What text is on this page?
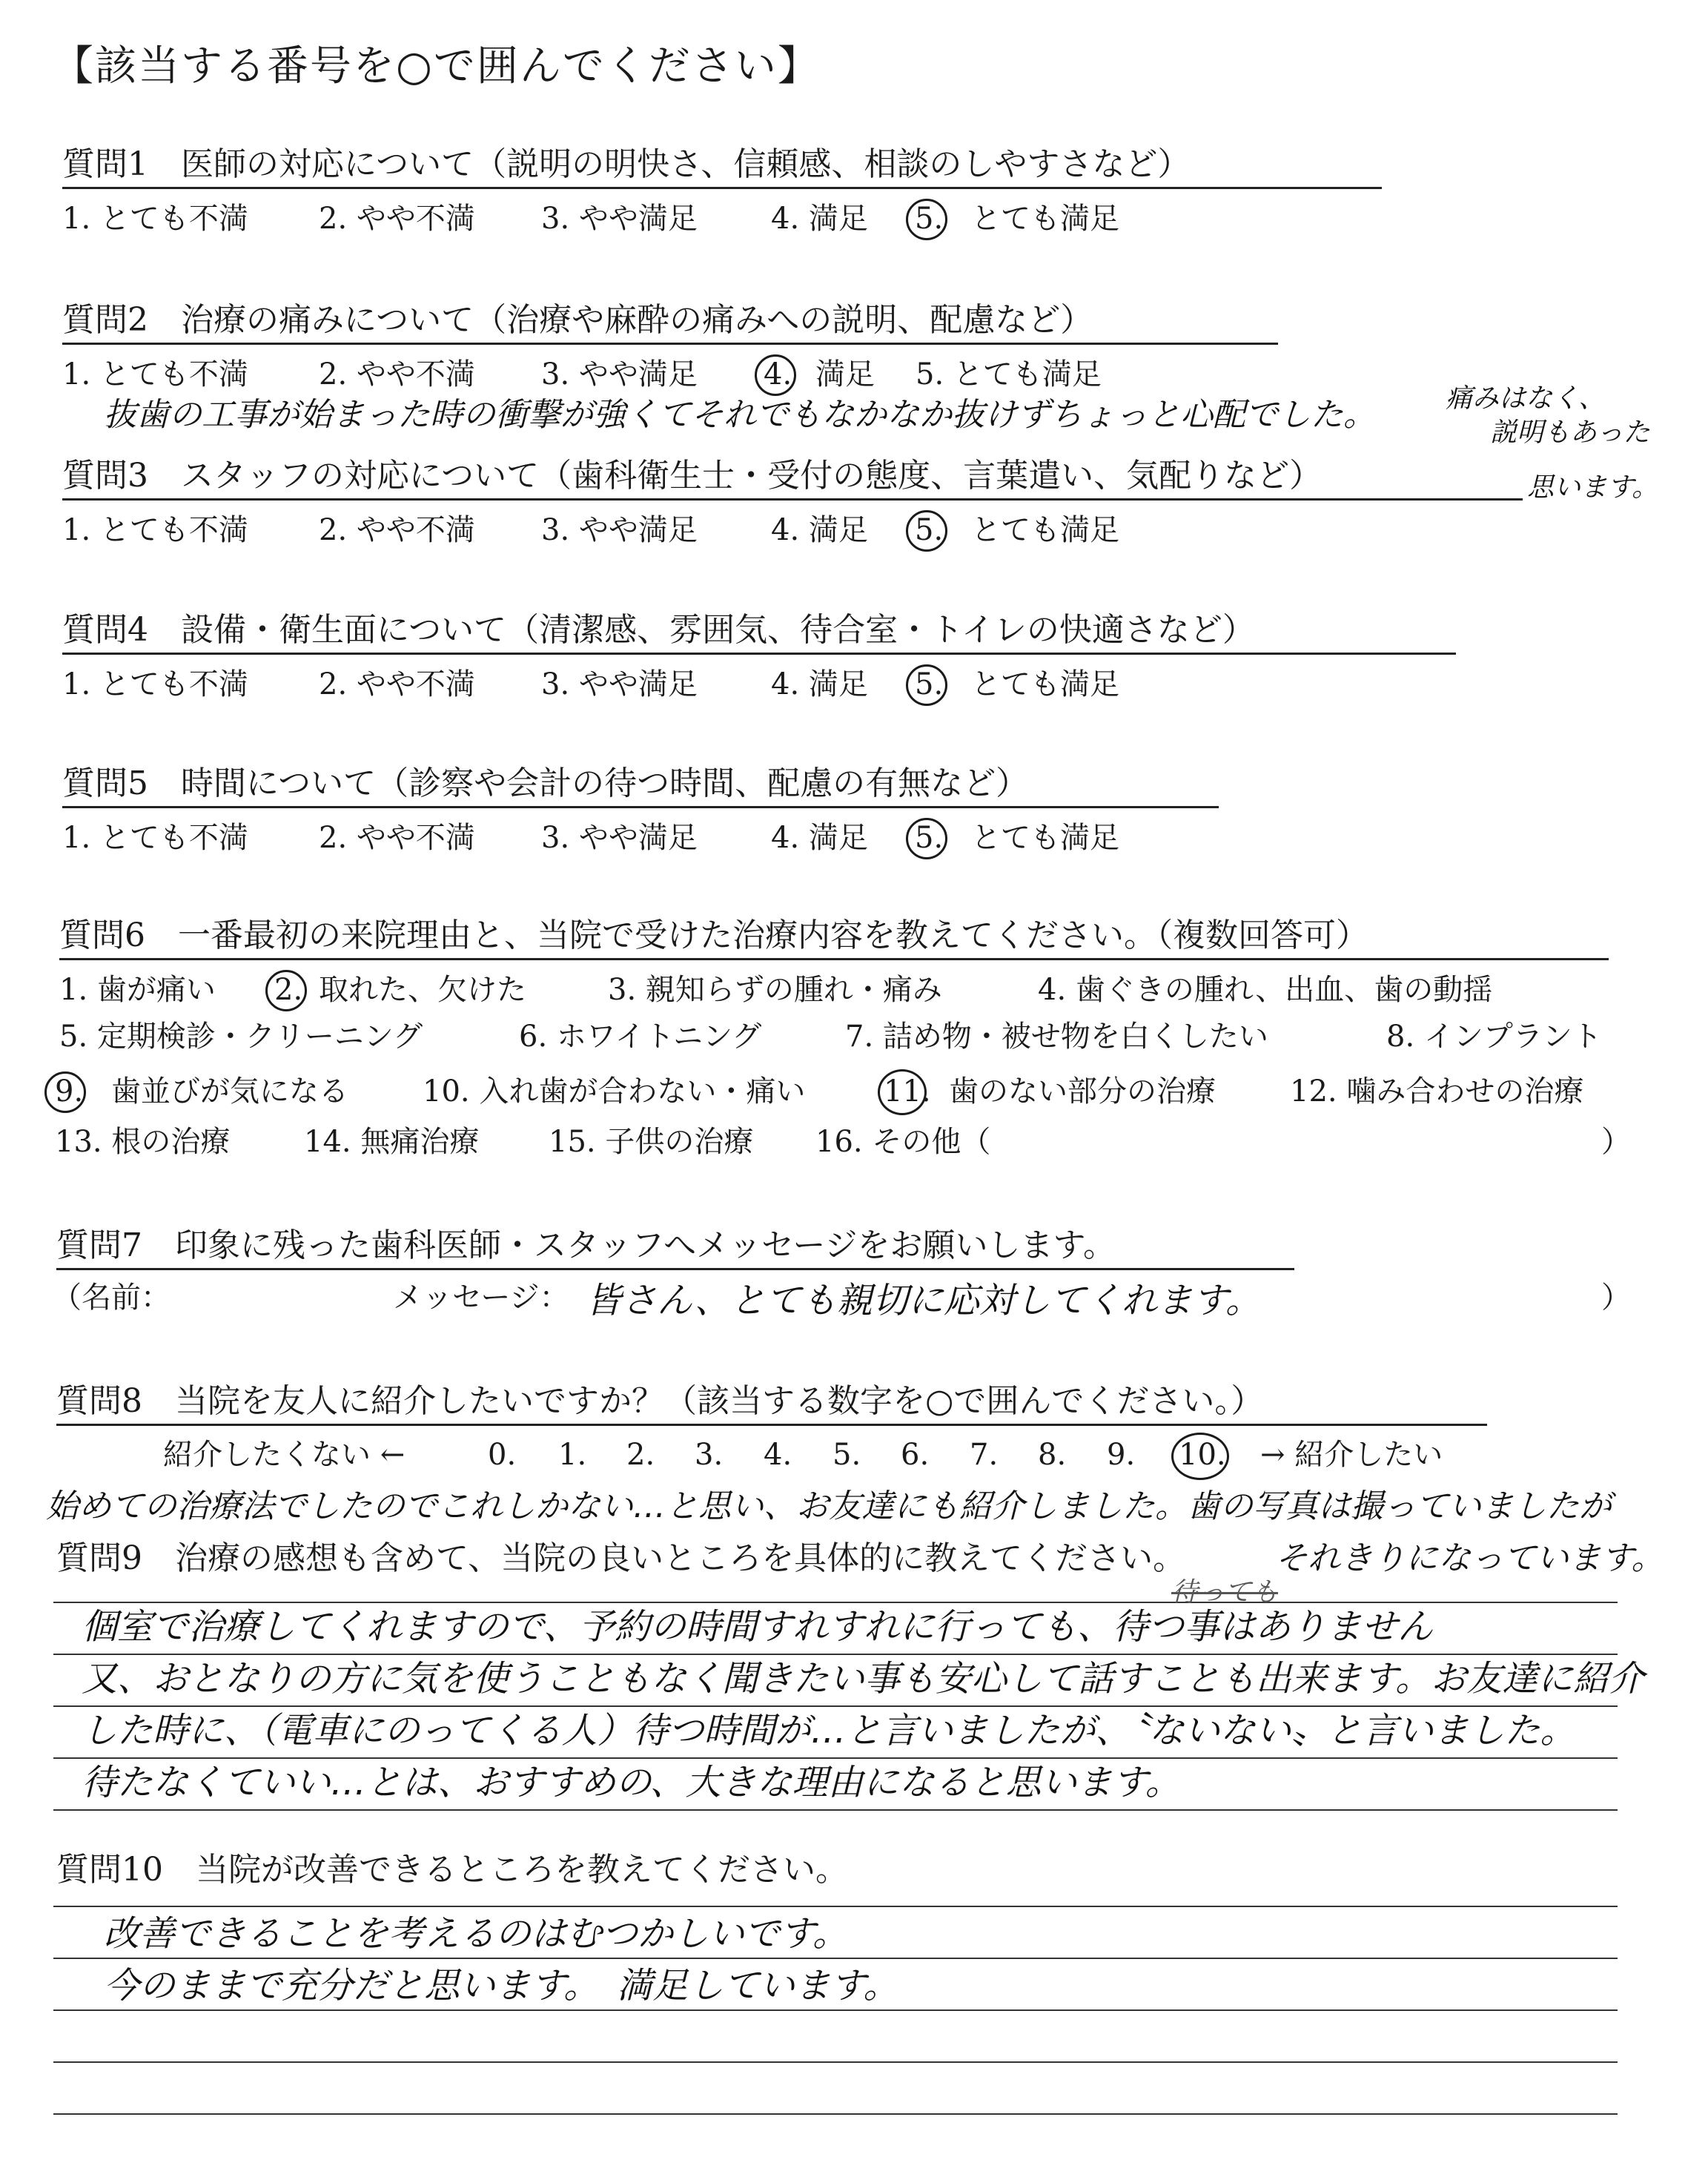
【該当する番号を○で囲んでください】
質問1　医師の対応について（説明の明快さ、信頼感、相談のしやすさなど）
1. とても不満 2. やや不満 3. やや満足 4. 満足 5. とても満足
質問2　治療の痛みについて（治療や麻酔の痛みへの説明、配慮など）
1. とても不満 2. やや不満 3. やや満足 4. 満足 5. とても満足
抜歯の工事が始まった時の衝撃が強くてそれでもなかなか抜けずちょっと心配でした。	痛みはなく、
説明もあった
思います。
質問3　スタッフの対応について（歯科衛生士・受付の態度、言葉遣い、気配りなど）
1. とても不満 2. やや不満 3. やや満足 4. 満足 5. とても満足
質問4　設備・衛生面について（清潔感、雰囲気、待合室・トイレの快適さなど）
1. とても不満 2. やや不満 3. やや満足 4. 満足 5. とても満足
質問5　時間について（診察や会計の待つ時間、配慮の有無など）
1. とても不満 2. やや不満 3. やや満足 4. 満足 5. とても満足
質問6　一番最初の来院理由と、当院で受けた治療内容を教えてください。（複数回答可）
1. 歯が痛い 2. 取れた、欠けた	3. 親知らずの腫れ・痛み	4. 歯ぐきの腫れ、出血、歯の動揺
5. 定期検診・クリーニング	6. ホワイトニング	7. 詰め物・被せ物を白くしたい	8. インプラント
9. 歯並びが気になる	10. 入れ歯が合わない・痛い	11. 歯のない部分の治療	12. 噛み合わせの治療
13. 根の治療 14. 無痛治療 15. 子供の治療 16. その他（	）
質問7　印象に残った歯科医師・スタッフへメッセージをお願いします。
（名前：	メッセージ： 皆さん、とても親切に応対してくれます。	）
質問8　当院を友人に紹介したいですか？（該当する数字を○で囲んでください。）
紹介したくない ←	0. 1. 2. 3. 4. 5. 6. 7. 8. 9. 10. → 紹介したい
始めての治療法でしたのでこれしかない…と思い、お友達にも紹介しました。歯の写真は撮っていましたが
質問9　治療の感想も含めて、当院の良いところを具体的に教えてください。	それきりになっています。
個室で治療してくれますので、予約の時間すれすれに行っても、待つ事はありません
又、おとなりの方に気を使うこともなく聞きたい事も安心して話すことも出来ます。お友達に紹介
した時に、（電車にのってくる人）待つ時間が…と言いましたが、〝ないない〟と言いました。
待たなくていい…とは、おすすめの、大きな理由になると思います。
待っても
質問10　当院が改善できるところを教えてください。
改善できることを考えるのはむつかしいです。
今のままで充分だと思います。　満足しています。
